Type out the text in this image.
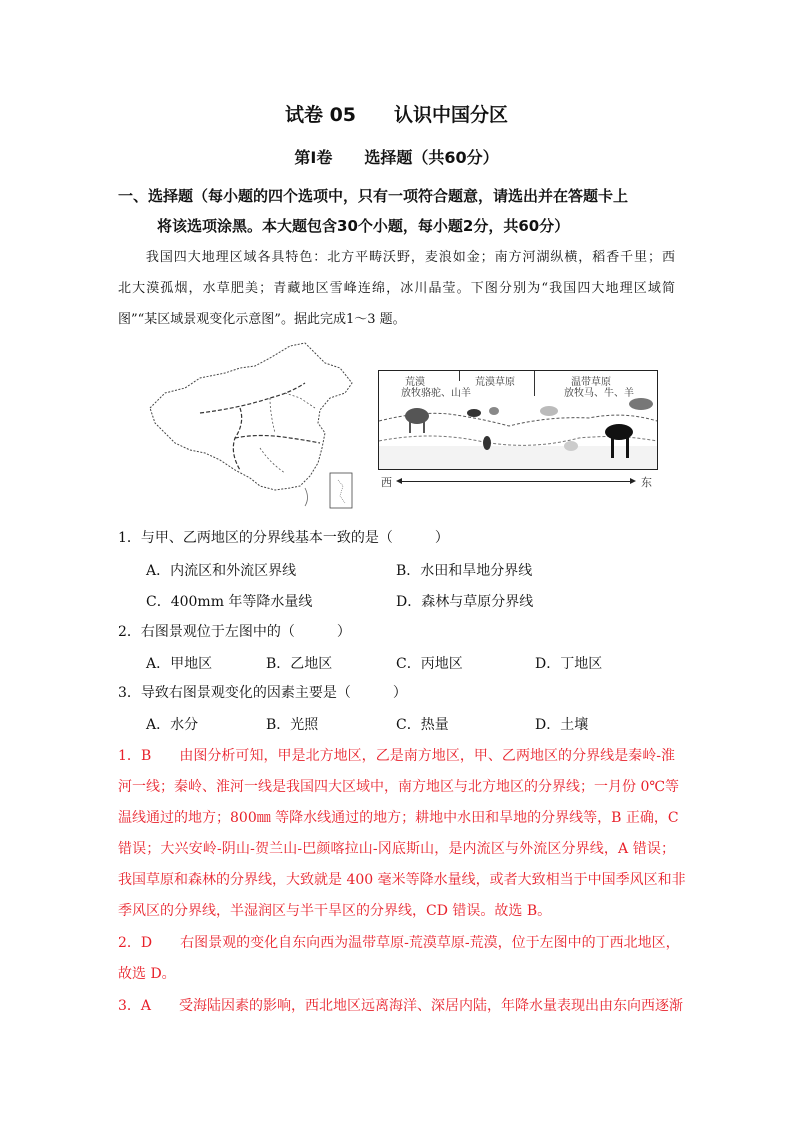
试卷 05　　认识中国分区
第Ⅰ卷　　选择题（共60分）
一、选择题（每小题的四个选项中，只有一项符合题意，请选出并在答题卡上
将该选项涂黑。本大题包含30个小题，每小题2分，共60分）
　　我国四大地理区域各具特色：北方平畴沃野，麦浪如金；南方河湖纵横，稻香千里；西
北大漠孤烟，水草肥美；青藏地区雪峰连绵，冰川晶莹。下图分别为“我国四大地理区域简
图”“某区域景观变化示意图”。据此完成1～3 题。
荒漠	荒漠草原	温带草原
放牧骆驼、山羊	放牧马、牛、羊
西	东
1．与甲、乙两地区的分界线基本一致的是（　　　）
A．内流区和外流区界线	B．水田和旱地分界线
C．400mm 年等降水量线	D．森林与草原分界线
2．右图景观位于左图中的（　　　）
A．甲地区	B．乙地区	C．丙地区	D．丁地区
3．导致右图景观变化的因素主要是（　　　）
A．水分	B．光照	C．热量	D．土壤
1．B　　由图分析可知，甲是北方地区，乙是南方地区，甲、乙两地区的分界线是秦岭-淮
河一线；秦岭、淮河一线是我国四大区域中，南方地区与北方地区的分界线；一月份 0℃等
温线通过的地方；800㎜ 等降水线通过的地方；耕地中水田和旱地的分界线等，B 正确，C
错误；大兴安岭-阴山-贺兰山-巴颜喀拉山-冈底斯山，是内流区与外流区分界线，A 错误；
我国草原和森林的分界线，大致就是 400 毫米等降水量线，或者大致相当于中国季风区和非
季风区的分界线，半湿润区与半干旱区的分界线，CD 错误。故选 B。
2．D　　右图景观的变化自东向西为温带草原-荒漠草原-荒漠，位于左图中的丁西北地区，
故选 D。
3．A　　受海陆因素的影响，西北地区远离海洋、深居内陆，年降水量表现出由东向西逐渐
